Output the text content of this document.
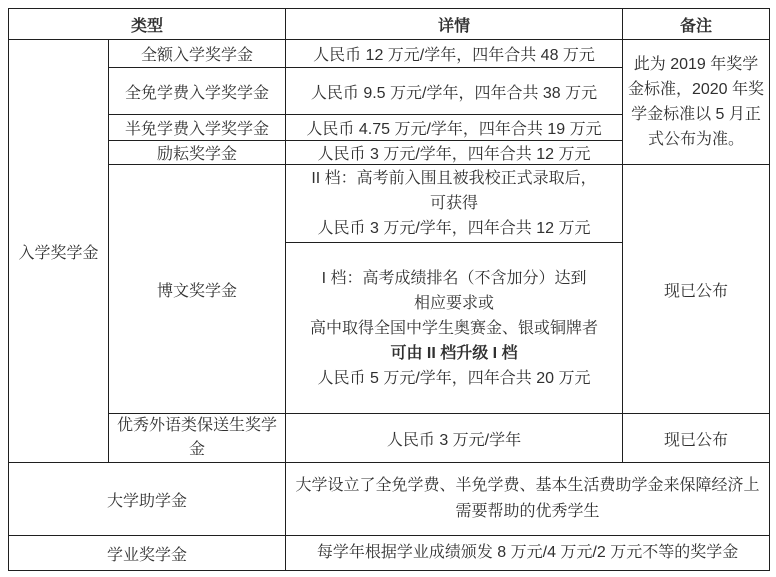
类型		详情	备注
入学奖学金	全额入学奖学金	人民币 12 万元/学年，四年合共 48 万元	此为 2019 年奖学金标准，2020 年奖学金标准以 5 月正式公布为准。
	全免学费入学奖学金	人民币 9.5 万元/学年，四年合共 38 万元	
	半免学费入学奖学金	人民币 4.75 万元/学年，四年合共 19 万元	
	励耘奖学金	人民币 3 万元/学年，四年合共 12 万元	
	博文奖学金	II 档：高考前入围且被我校正式录取后，
可获得
人民币 3 万元/学年，四年合共 12 万元	现已公布

		I 档：高考成绩排名（不含加分）达到
相应要求或
高中取得全国中学生奥赛金、银或铜牌者
可由 II 档升级 I 档
人民币 5 万元/学年，四年合共 20 万元	

	优秀外语类保送生奖学金	人民币 3 万元/学年	现已公布
大学助学金		大学设立了全免学费、半免学费、基本生活费助学金来保障经济上需要帮助的优秀学生	
学业奖学金		每学年根据学业成绩颁发 8 万元/4 万元/2 万元不等的奖学金	
